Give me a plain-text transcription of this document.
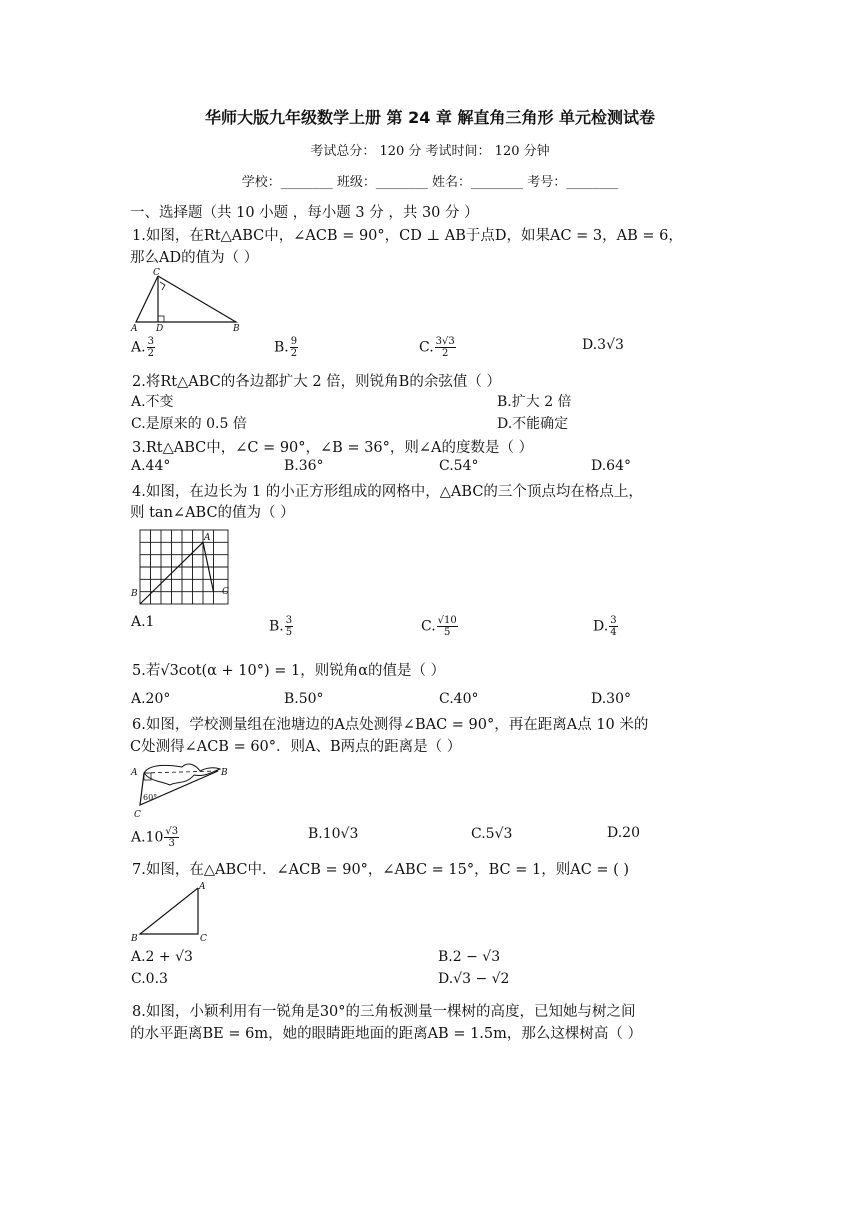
华师大版九年级数学上册 第 24 章 解直角三角形 单元检测试卷
考试总分： 120 分 考试时间： 120 分钟
学校：________ 班级：________ 姓名：________ 考号：________
一、选择题（共 10 小题 ，每小题 3 分 ，共 30 分 ）
1.如图，在Rt△ABC中，∠ACB = 90°，CD ⊥ AB于点D，如果AC = 3，AB = 6，
那么AD的值为（ ）
C
A D	B
A. $\frac{3}{2}$	B. $\frac{9}{2}$	C. $\frac{3√3}{2}$	D.3√3
2.将Rt△ABC的各边都扩大 2 倍，则锐角B的余弦值（ ）
A.不变	B.扩大 2 倍
C.是原来的 0.5 倍	D.不能确定
3.Rt△ABC中，∠C = 90°，∠B = 36°，则∠A的度数是（ ）
A.44°	B.36°	C.54°	D.64°
4.如图，在边长为 1 的小正方形组成的网格中，△ABC的三个顶点均在格点上，
则 tan∠ABC的值为（ ）
A
B	C
A.1	B. $\frac{3}{5}$	C. $\frac{√10}{5}$	D. $\frac{3}{4}$
5.若√3cot(α + 10°) = 1，则锐角α的值是（ ）
A.20°	B.50°	C.40°	D.30°
6.如图，学校测量组在池塘边的A点处测得∠BAC = 90°，再在距离A点 10 米的
C处测得∠ACB = 60°．则A、B两点的距离是（ ）
A	B
C
60°
$A.10 \frac{√3}{3}$	B.10√3	C.5√3	D.20
7.如图，在△ABC中．∠ACB = 90°，∠ABC = 15°，BC = 1，则AC = ( )
A
B	C
A.2 + √3	B.2 − √3
C.0.3	D.√3 − √2
8.如图，小颖利用有一锐角是30°的三角板测量一棵树的高度，已知她与树之间
的水平距离BE = 6m，她的眼睛距地面的距离AB = 1.5m，那么这棵树高（ ）
